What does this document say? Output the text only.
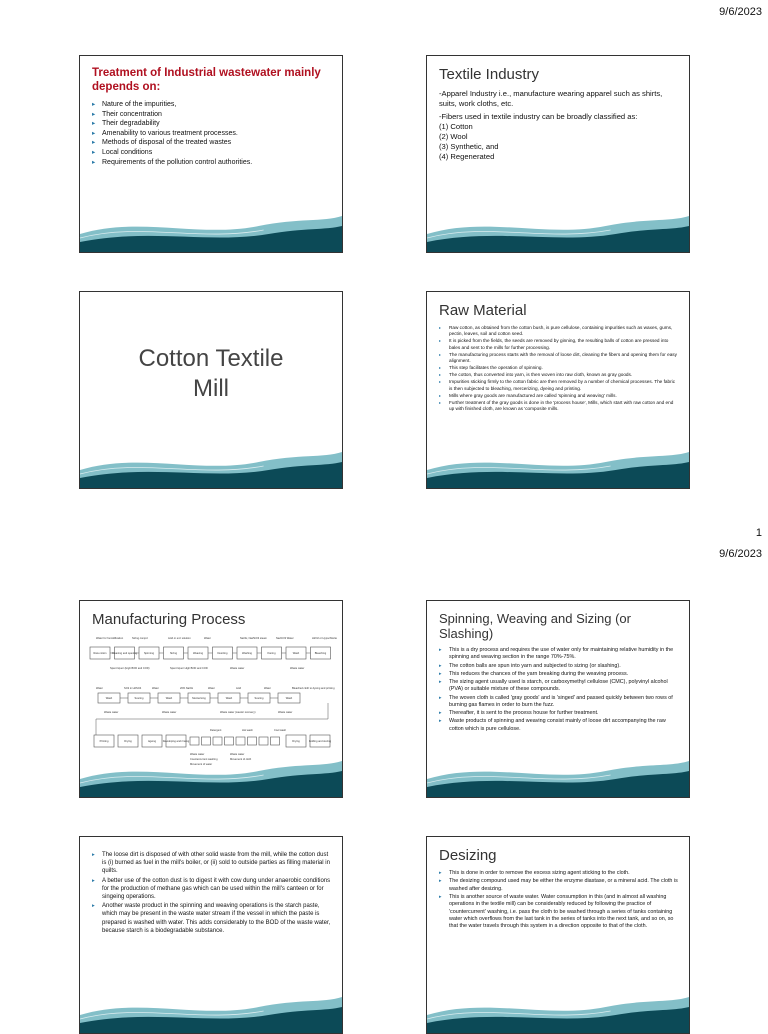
9/6/2023
1
9/6/2023
Treatment of Industrial wastewater mainly depends on:
▸ Nature of the impurities,
▸ Their concentration
▸ Their degradability
▸ Amenability to various treatment processes.
▸ Methods of disposal of the treated wastes
▸ Local conditions
▸ Requirements of the pollution control authorities.
Textile Industry

-Apparel Industry i.e., manufacture wearing apparel such as shirts, suits, work cloths, etc.

-Fibers used in textile industry can be broadly classified as:

(1) Cotton

(2) Wool

(3) Synthetic, and

(4) Regenerated

Cotton Textile
Mill
Raw Material
▸ Raw cotton, as obtained from the cotton bush, is pure cellulose, containing impurities such as waxes, gums, pectin, leaves, soil and cotton seed.
▸ It is picked from the fields, the seeds are removed by ginning, the resulting balls of cotton are pressed into bales and sent to the mills for further processing.
▸ The manufacturing process starts with the removal of loose dirt, cleaning the fibers and opening them for easy alignment.
▸ This step facilitates the operation of spinning.
▸ The cotton, thus converted into yarn, is then woven into raw cloth, known as gray goods.
▸ Impurities sticking firmly to the cotton fabric are then removed by a number of chemical processes. The fabric is then subjected to bleaching, mercerizing, dyeing and printing.
▸ Mills where gray goods are manufactured are called 'spinning and weaving' mills.
▸ Further treatment of the gray goods is done in the 'process house', Mills, which start with raw cotton and end up with finished cloth, are known as 'composite mills.
Manufacturing Process
Water for humidification	Sizing compd	Acid or enz solution	Water	NaOH, Na2SiO3 steam	Na2CO3 Water	H2O2 or Hypochlorite
Raw cotton Cleaning and opening	Spinning	Sizing	Weaving	Desizing	Washing	Kiering	Wash	Bleaching
Spent liquor (High BOD and COD)	Spent liquor High BOD and COD	Waste water	Waste water
Water	SO2 in H2SO4	Water	20% NaOH	Water	Acid	Water	Bleached cloth to dyeing and printing
Wash	Souring	Wash	Mercerising	Wash	Souring	Wash
Waste water	Waste water	Waste water (caustic recovery)	Waste water
Detergent	Hot wash	Cool wash
Printing	Drying	Ageing	Developing and rinsing	Drying	Folding and storing
Waste water	Waste water
Countercurrent washing	Movement of cloth
Movement of water
Spinning, Weaving and Sizing (or Slashing)
▸ This is a dry process and requires the use of water only for maintaining relative humidity in the spinning and weaving section in the range 70%-75%.
▸ The cotton balls are spun into yarn and subjected to sizing (or slashing).
▸ This reduces the chances of the yarn breaking during the weaving process.
▸ The sizing agent usually used is starch, or carboxymethyl cellulose (CMC), polyvinyl alcohol (PVA) or suitable mixture of these compounds.
▸ The woven cloth is called 'gray goods' and is 'singed' and passed quickly between two rows of burning gas flames in order to burn the fuzz.
▸ Thereafter, it is sent to the process house for further treatment.
▸ Waste products of spinning and weaving consist mainly of loose dirt accompanying the raw cotton which is pure cellulose.
▸ The loose dirt is disposed of with other solid waste from the mill, while the cotton dust is (i) burned as fuel in the mill's boiler, or (ii) sold to outside parties as filling material in quilts.
▸ A better use of the cotton dust is to digest it with cow dung under anaerobic conditions for the production of methane gas which can be used within the mill's canteen or for singeing operations.
▸ Another waste product in the spinning and weaving operations is the starch paste, which may be present in the waste water stream if the vessel in which the paste is prepared is washed with water. This adds considerably to the BOD of the waste water, because starch is a biodegradable substance.
Desizing
▸ This is done in order to remove the excess sizing agent sticking to the cloth.
▸ The desizing compound used may be either the enzyme diastase, or a mineral acid. The cloth is washed after desizing.
▸ This is another source of waste water. Water consumption in this (and in almost all washing operations in the textile mill) can be considerably reduced by following the practice of 'countercurrent' washing, i.e. pass the cloth to be washed through a series of tanks containing water which overflows from the last tank in the series of tanks into the next tank, and so on, so that the water travels through this system in a direction opposite to that of the cloth.
